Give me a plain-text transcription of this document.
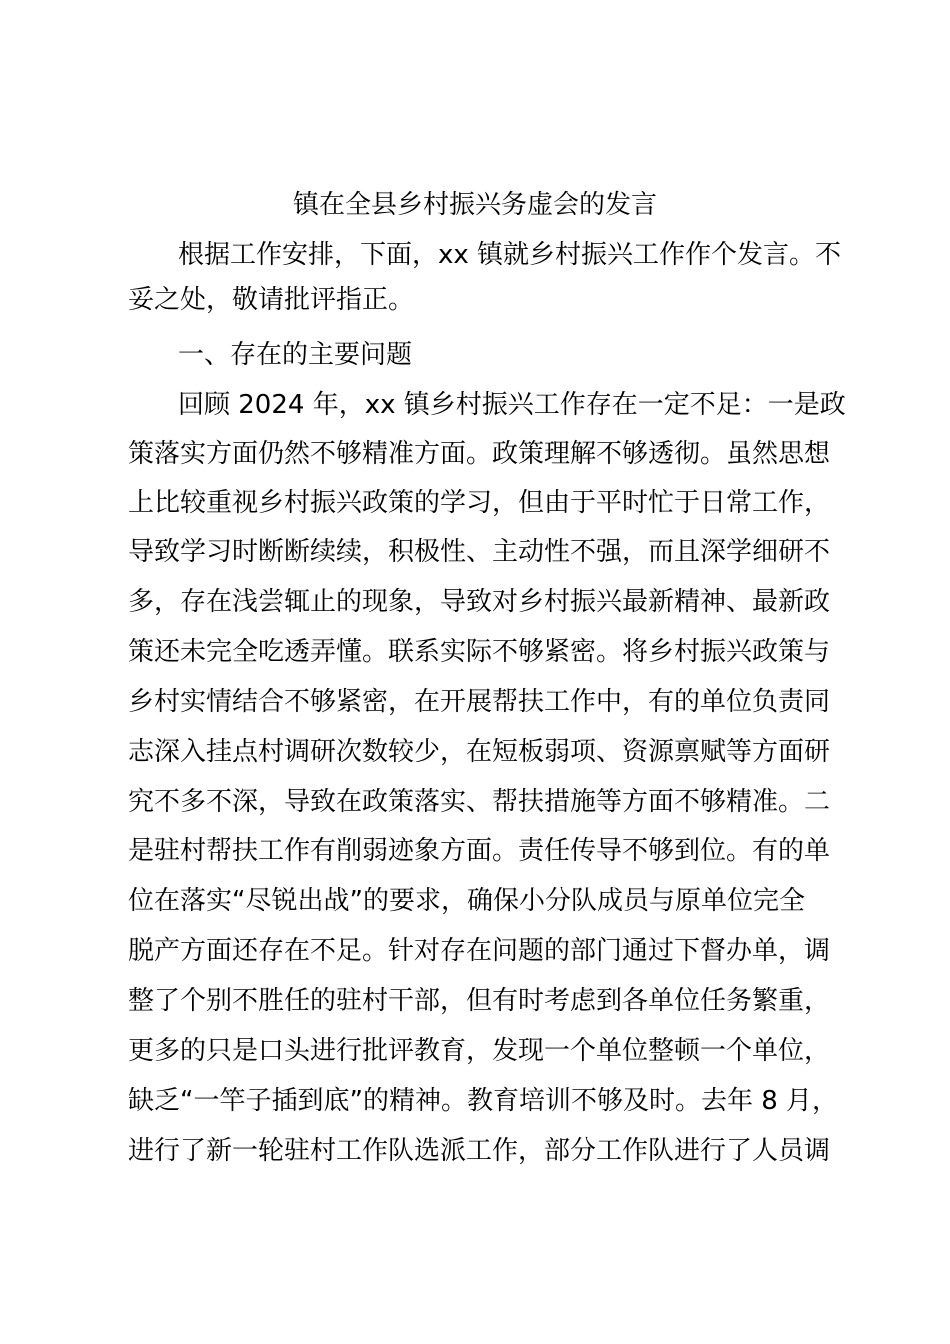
镇在全县乡村振兴务虚会的发言
根据工作安排，下面，xx 镇就乡村振兴工作作个发言。不
妥之处，敬请批评指正。
一、存在的主要问题
回顾 2024 年，xx 镇乡村振兴工作存在一定不足：一是政
策落实方面仍然不够精准方面。政策理解不够透彻。虽然思想
上比较重视乡村振兴政策的学习，但由于平时忙于日常工作，
导致学习时断断续续，积极性、主动性不强，而且深学细研不
多，存在浅尝辄止的现象，导致对乡村振兴最新精神、最新政
策还未完全吃透弄懂。联系实际不够紧密。将乡村振兴政策与
乡村实情结合不够紧密，在开展帮扶工作中，有的单位负责同
志深入挂点村调研次数较少，在短板弱项、资源禀赋等方面研
究不多不深，导致在政策落实、帮扶措施等方面不够精准。二
是驻村帮扶工作有削弱迹象方面。责任传导不够到位。有的单
位在落实“尽锐出战”的要求，确保小分队成员与原单位完全
脱产方面还存在不足。针对存在问题的部门通过下督办单，调
整了个别不胜任的驻村干部，但有时考虑到各单位任务繁重，
更多的只是口头进行批评教育，发现一个单位整顿一个单位，
缺乏“一竿子插到底”的精神。教育培训不够及时。去年 8 月，
进行了新一轮驻村工作队选派工作，部分工作队进行了人员调
